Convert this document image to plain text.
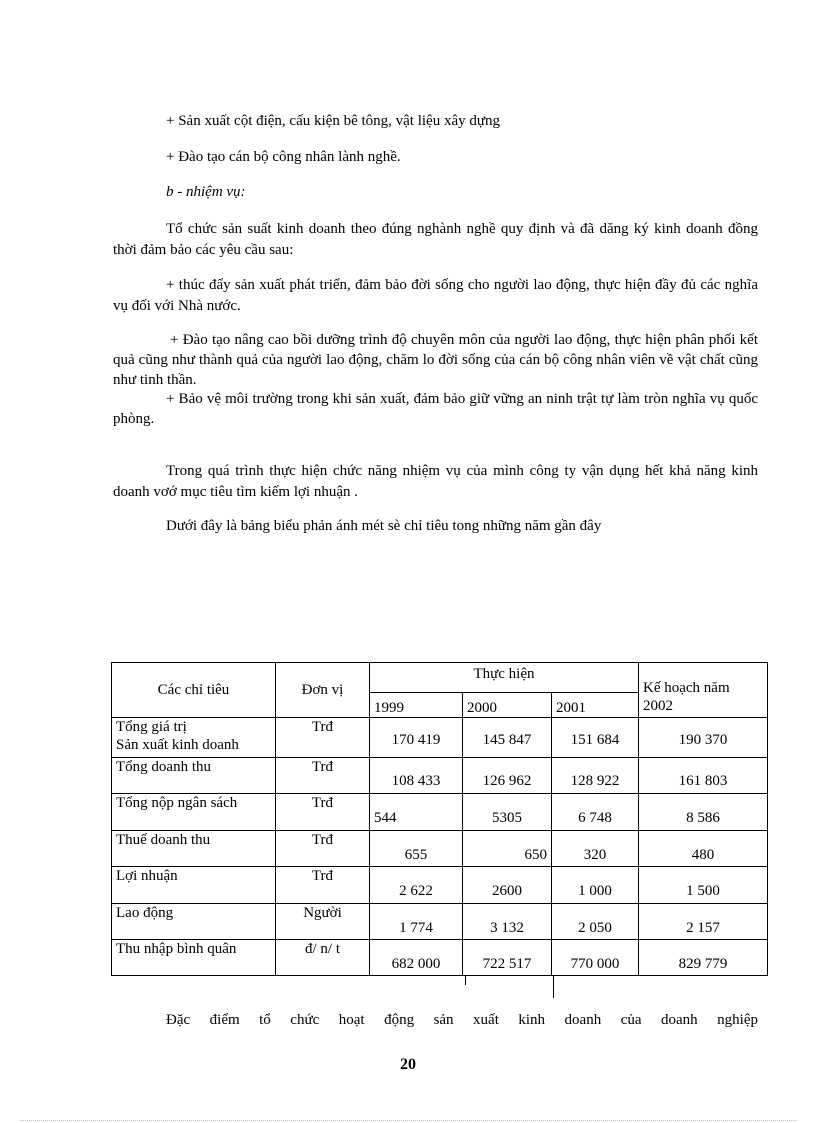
+ Sản xuất cột điện, cấu kiện bê tông, vật liệu xây dựng
+ Đào tạo cán bộ công nhân lành nghề.
b - nhiệm vụ:
Tổ chức sản suất kinh doanh theo đúng nghành nghề quy định và đã dăng ký kinh doanh đồng thời đảm bảo các yêu cầu sau:
+ thúc đẩy sản xuất phát triển, đảm bảo đời sống cho người lao động, thực hiện đầy đủ các nghĩa vụ đối với Nhà nước.
+ Đào tạo nâng cao bồi dưỡng trình độ chuyên môn của người lao động, thực hiện phân phối kết quả cũng như thành quả của người lao động, chăm lo đời sống của cán bộ công nhân viên về vật chất cũng như tinh thần.
+ Bảo vệ môi trường trong khi sản xuất, đảm bảo giữ vững an ninh trật tự làm tròn nghĩa vụ quốc phòng.
Trong quá trình thực hiện chức năng nhiệm vụ của mình công ty vận dụng hết khả năng kinh doanh vơớ mục tiêu tìm kiếm lợi nhuận .
Dưới đây là bảng biểu phản ánh mét sè chỉ tiêu tong những năm gần đây
Các chỉ tiêu	Đơn vị	Thực hiện			Kế hoạch năm
2002

		1999	2000	2001	

Tổng giá trị
Sản xuất kinh doanh	Trđ	170 419	145 847	151 684	190 370

Tổng doanh thu	Trđ	108 433	126 962	128 922	161 803

Tổng nộp ngân sách	Trđ	544	5305	6 748	8 586

Thuế doanh thu	Trđ	655	650	320	480

Lợi nhuận	Trđ	2 622	2600	1 000	1 500

Lao động	Người	1 774	3 132	2 050	2 157

Thu nhập bình quân	đ/ n/ t	682 000	722 517	770 000	829 779
Đặc điểm tổ chức hoạt động sản xuất kinh doanh của doanh nghiệp
20
